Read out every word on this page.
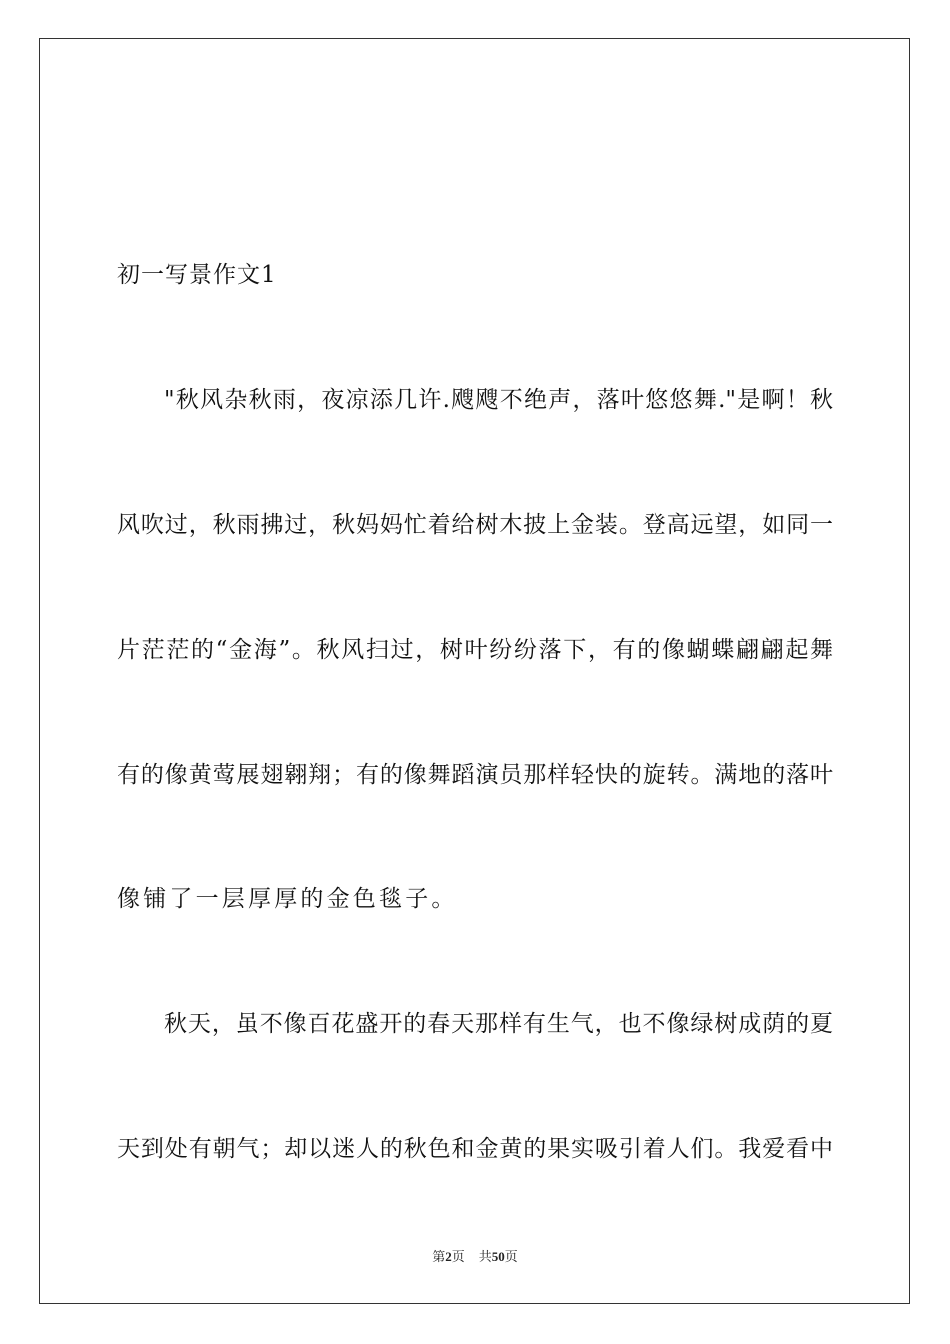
初一写景作文1
"秋风杂秋雨，夜凉添几许.飕飕不绝声，落叶悠悠舞."是啊！秋
风吹过，秋雨拂过，秋妈妈忙着给树木披上金装。登高远望，如同一
片茫茫的“金海”。秋风扫过，树叶纷纷落下，有的像蝴蝶翩翩起舞
有的像黄莺展翅翱翔；有的像舞蹈演员那样轻快的旋转。满地的落叶
像铺了一层厚厚的金色毯子。
秋天，虽不像百花盛开的春天那样有生气，也不像绿树成荫的夏
天到处有朝气；却以迷人的秋色和金黄的果实吸引着人们。我爱看中
第2页 共50页
